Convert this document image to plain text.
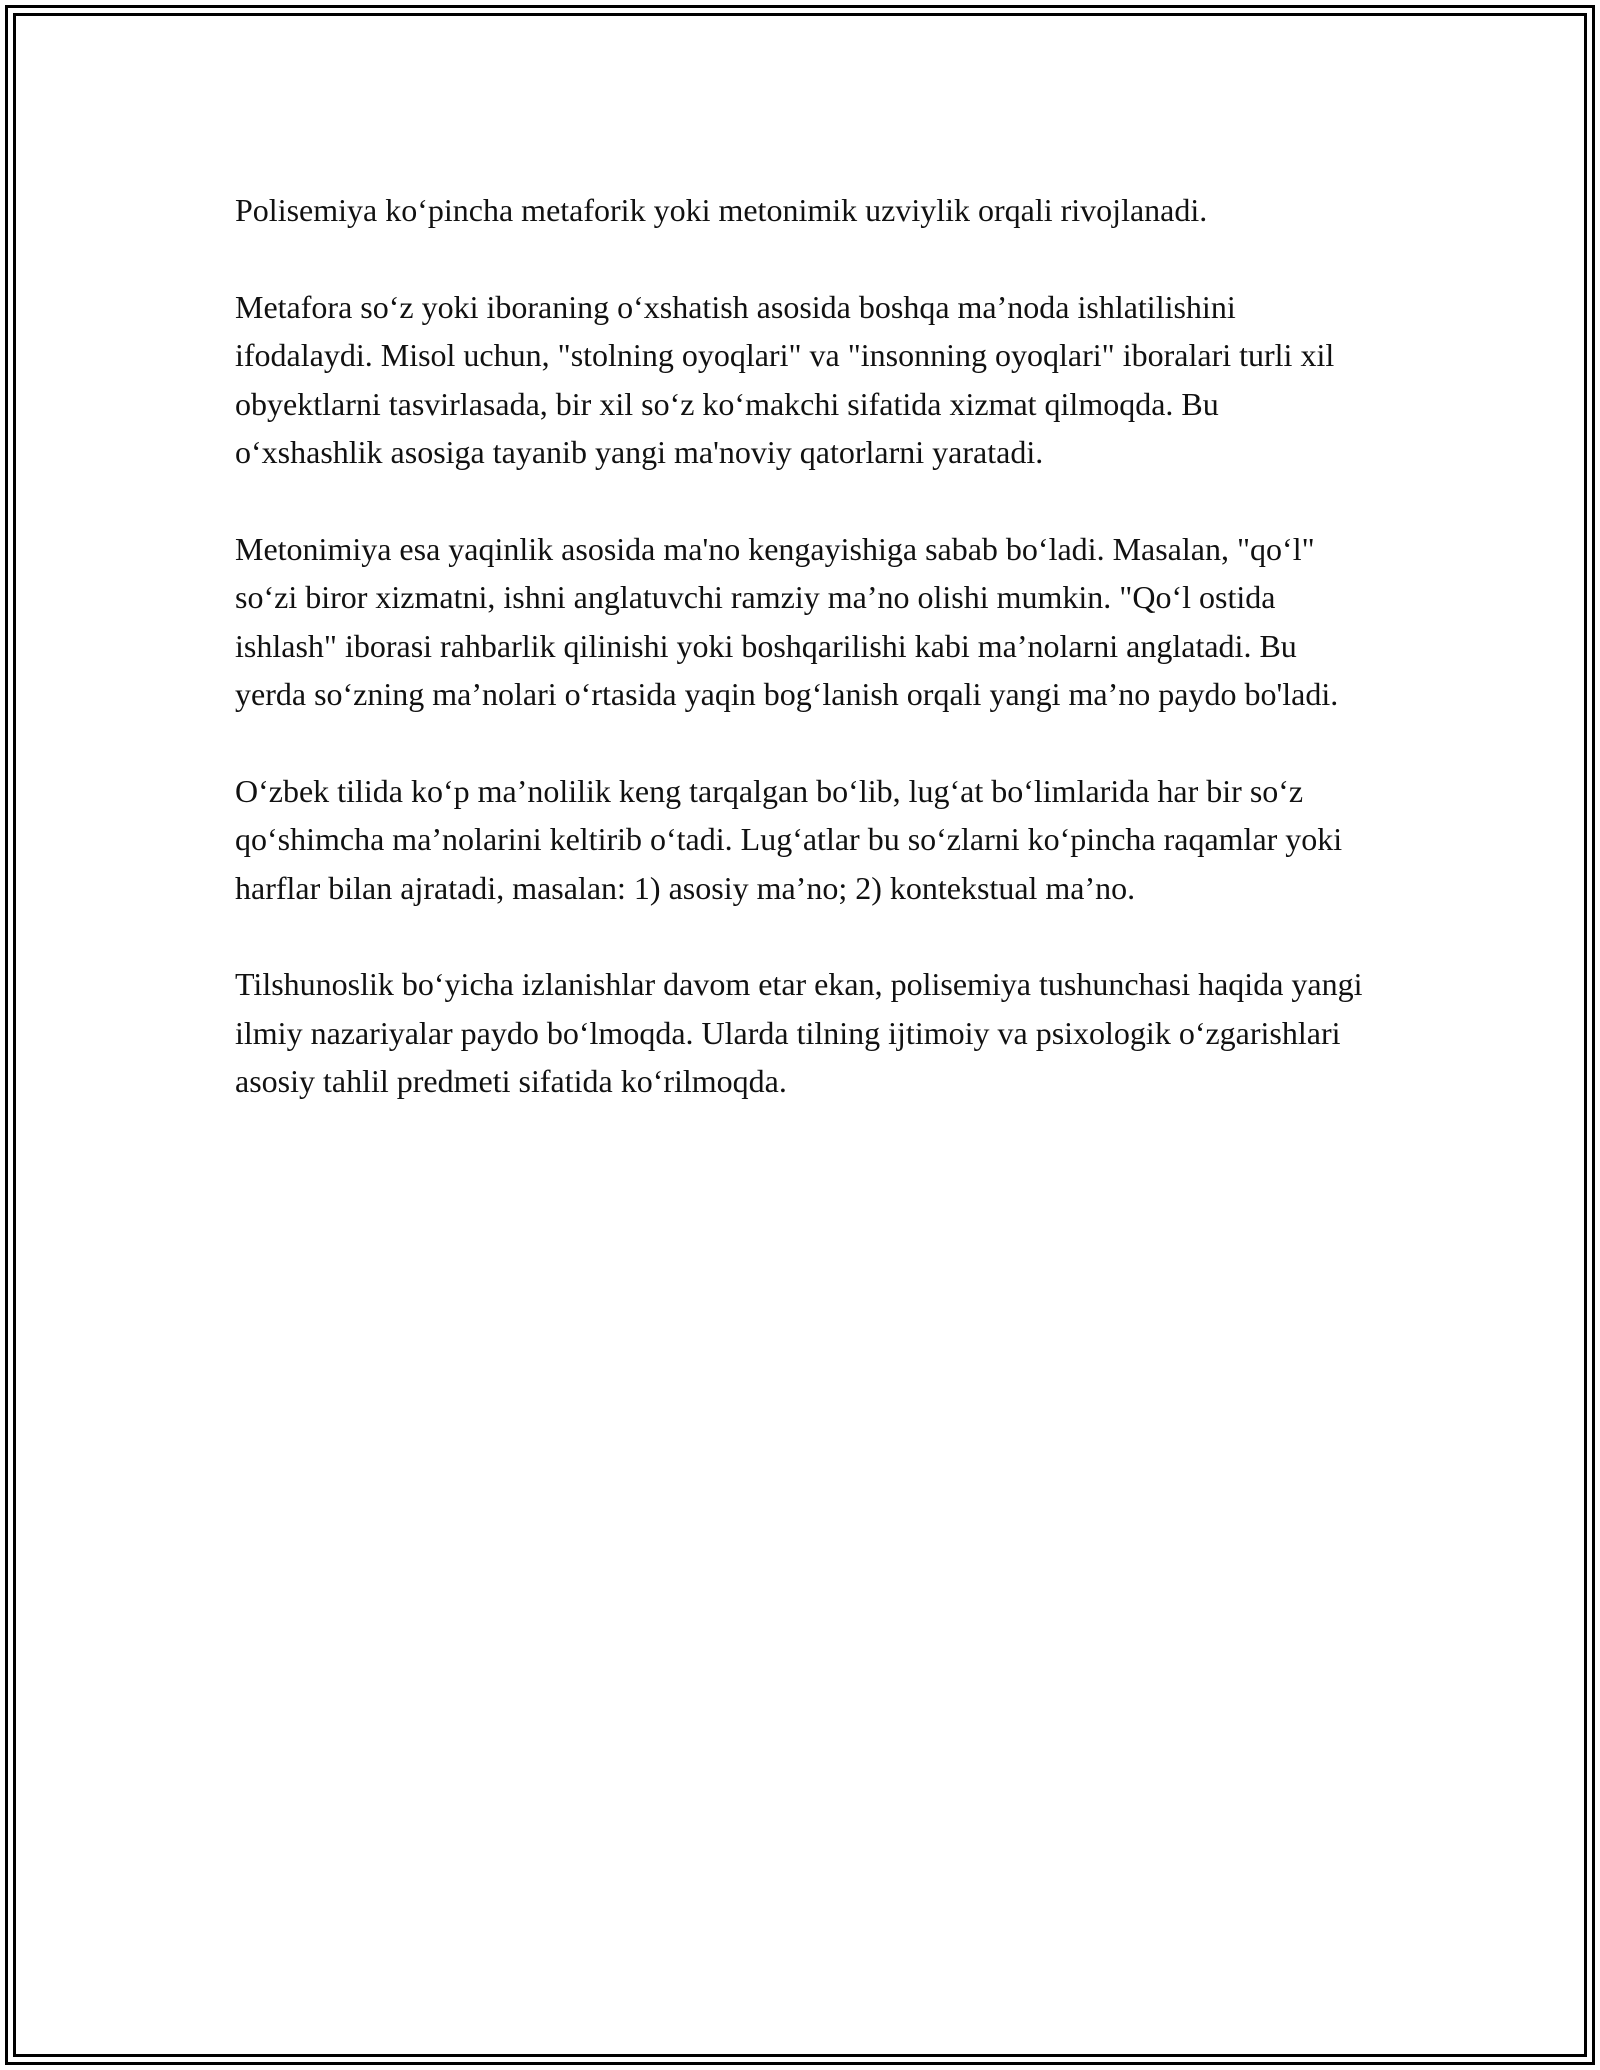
Polisemiya ko‘pincha metaforik yoki metonimik uzviylik orqali rivojlanadi.

Metafora so‘z yoki iboraning o‘xshatish asosida boshqa ma’noda ishlatilishini ifodalaydi. Misol uchun, "stolning oyoqlari" va "insonning oyoqlari" iboralari turli xil obyektlarni tasvirlasada, bir xil so‘z ko‘makchi sifatida xizmat qilmoqda. Bu o‘xshashlik asosiga tayanib yangi ma'noviy qatorlarni yaratadi.

Metonimiya esa yaqinlik asosida ma'no kengayishiga sabab bo‘ladi. Masalan, "qo‘l" so‘zi biror xizmatni, ishni anglatuvchi ramziy ma’no olishi mumkin. "Qo‘l ostida ishlash" iborasi rahbarlik qilinishi yoki boshqarilishi kabi ma’nolarni anglatadi. Bu yerda so‘zning ma’nolari o‘rtasida yaqin bog‘lanish orqali yangi ma’no paydo bo'ladi.

O‘zbek tilida ko‘p ma’nolilik keng tarqalgan bo‘lib, lug‘at bo‘limlarida har bir so‘z qo‘shimcha ma’nolarini keltirib o‘tadi. Lug‘atlar bu so‘zlarni ko‘pincha raqamlar yoki harflar bilan ajratadi, masalan: 1) asosiy ma’no; 2) kontekstual ma’no.

Tilshunoslik bo‘yicha izlanishlar davom etar ekan, polisemiya tushunchasi haqida yangi ilmiy nazariyalar paydo bo‘lmoqda. Ularda tilning ijtimoiy va psixologik o‘zgarishlari asosiy tahlil predmeti sifatida ko‘rilmoqda.
